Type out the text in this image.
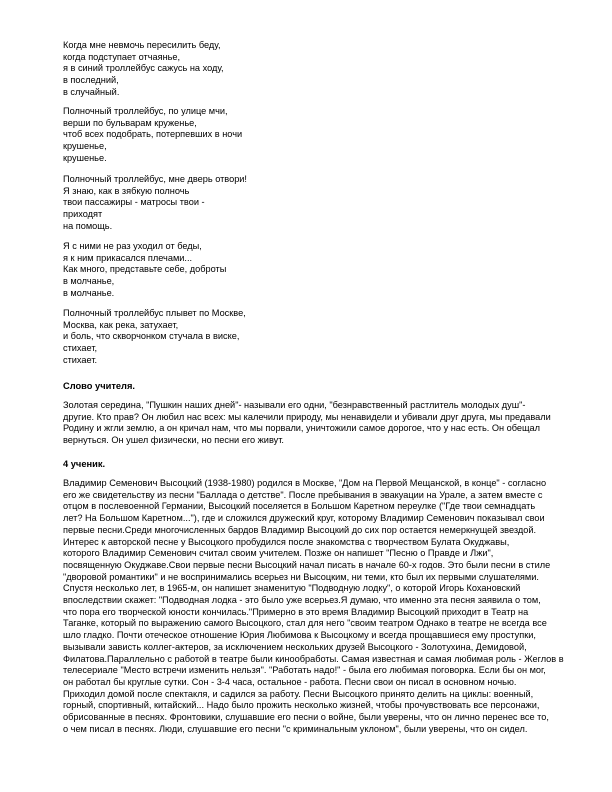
Когда мне невмочь пересилить беду,
когда подступает отчаянье,
я в синий троллейбус сажусь на ходу,
в последний,
в случайный.
Полночный троллейбус, по улице мчи,
верши по бульварам круженье,
чтоб всех подобрать, потерпевших в ночи
крушенье,
крушенье.
Полночный троллейбус, мне дверь отвори!
Я знаю, как в зябкую полночь
твои пассажиры - матросы твои -
приходят
на помощь.
Я с ними не раз уходил от беды,
я к ним прикасался плечами...
Как много, представьте себе, доброты
в молчанье,
в молчанье.
Полночный троллейбус плывет по Москве,
Москва, как река, затухает,
и боль, что скворчонком стучала в виске,
стихает,
стихает.
Слово учителя.
Золотая середина, "Пушкин наших дней"- называли его одни, "безнравственный растлитель молодых душ"-
другие. Кто прав? Он любил нас всех: мы калечили природу, мы ненавидели и убивали друг друга, мы предавали
Родину и жгли землю, а он кричал нам, что мы порвали, уничтожили самое дорогое, что у нас есть. Он обещал
вернуться. Он ушел физически, но песни его живут.
4 ученик.
Владимир Семенович Высоцкий (1938-1980) родился в Москве, "Дом на Первой Мещанской, в конце" - согласно
его же свидетельству из песни "Баллада о детстве". После пребывания в эвакуации на Урале, а затем вместе с
отцом в послевоенной Германии, Высоцкий поселяется в Большом Каретном переулке ("Где твои семнадцать
лет? На Большом Каретном..."), где и сложился дружеский круг, которому Владимир Семенович показывал свои
первые песни.Среди многочисленных бардов Владимир Высоцкий до сих пор остается немеркнущей звездой.
Интерес к авторской песне у Высоцкого пробудился после знакомства с творчеством Булата Окуджавы,
которого Владимир Семенович считал своим учителем. Позже он напишет "Песню о Правде и Лжи",
посвященную Окуджаве.Свои первые песни Высоцкий начал писать в начале 60-х годов. Это были песни в стиле
"дворовой романтики" и не воспринимались всерьез ни Высоцким, ни теми, кто был их первыми слушателями.
Спустя несколько лет, в 1965-м, он напишет знаменитую "Подводную лодку", о которой Игорь Кохановский
впоследствии скажет: "Подводная лодка - это было уже всерьез.Я думаю, что именно эта песня заявила о том,
что пора его творческой юности кончилась."Примерно в это время Владимир Высоцкий приходит в Театр на
Таганке, который по выражению самого Высоцкого, стал для него "своим театром Однако в театре не всегда все
шло гладко. Почти отеческое отношение Юрия Любимова к Высоцкому и всегда прощавшиеся ему проступки,
вызывали зависть коллег-актеров, за исключением нескольких друзей Высоцкого - Золотухина, Демидовой,
Филатова.Параллельно с работой в театре были кинообработы. Самая известная и самая любимая роль - Жеглов в
телесериале "Место встречи изменить нельзя". "Работать надо!" - была его любимая поговорка. Если бы он мог,
он работал бы круглые сутки. Сон - 3-4 часа, остальное - работа. Песни свои он писал в основном ночью.
Приходил домой после спектакля, и садился за работу. Песни Высоцкого принято делить на циклы: военный,
горный, спортивный, китайский... Надо было прожить несколько жизней, чтобы прочувствовать все персонажи,
обрисованные в песнях. Фронтовики, слушавшие его песни о войне, были уверены, что он лично перенес все то,
о чем писал в песнях. Люди, слушавшие его песни "с криминальным уклоном", были уверены, что он сидел.
